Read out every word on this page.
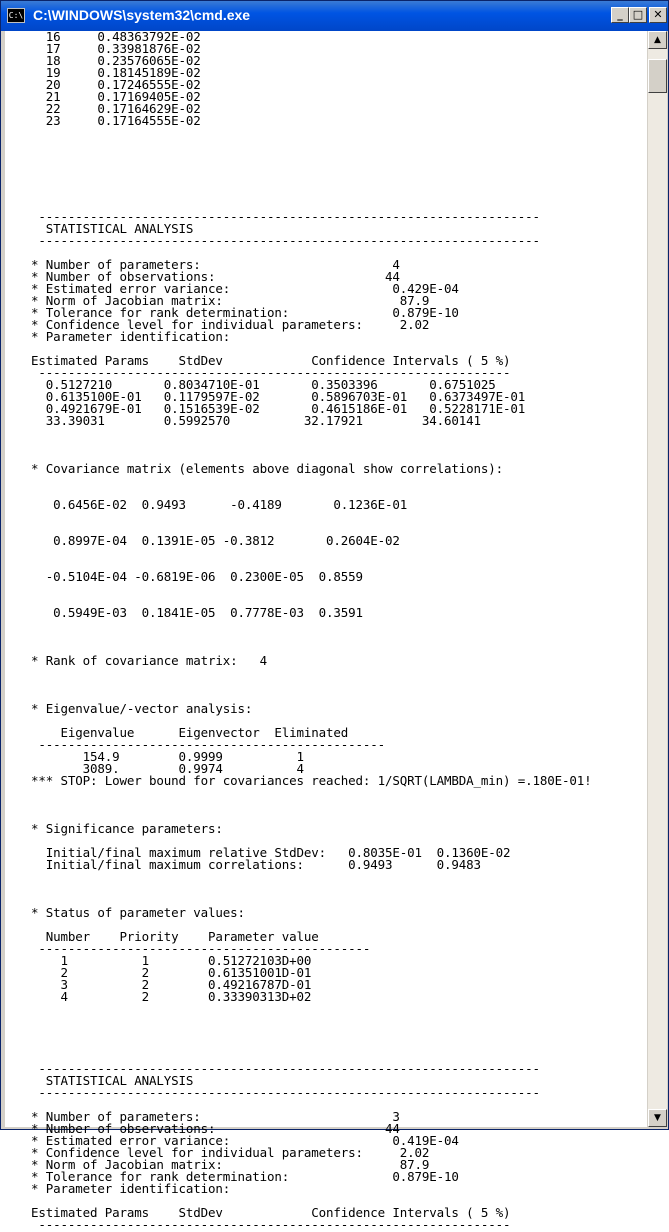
C:\ C:\WINDOWS\system32\cmd.exe	_ □ ✕
16     0.48363792E-02
17     0.33981876E-02
18     0.23576065E-02
19     0.18145189E-02
20     0.17246555E-02
21     0.17169405E-02
22     0.17164629E-02
23     0.17164555E-02

--------------------------------------------------------------------
STATISTICAL ANALYSIS
--------------------------------------------------------------------

* Number of parameters:                          4
* Number of observations:                       44
* Estimated error variance:                      0.429E-04
* Norm of Jacobian matrix:                        87.9
* Tolerance for rank determination:              0.879E-10
* Confidence level for individual parameters:     2.02
* Parameter identification:

Estimated Params    StdDev            Confidence Intervals ( 5 %)
----------------------------------------------------------------
0.5127210       0.8034710E-01       0.3503396       0.6751025
0.6135100E-01   0.1179597E-02       0.5896703E-01   0.6373497E-01
0.4921679E-01   0.1516539E-02       0.4615186E-01   0.5228171E-01
33.39031        0.5992570          32.17921        34.60141

* Covariance matrix (elements above diagonal show correlations):

0.6456E-02  0.9493      -0.4189       0.1236E-01

0.8997E-04  0.1391E-05 -0.3812       0.2604E-02

-0.5104E-04 -0.6819E-06  0.2300E-05  0.8559

0.5949E-03  0.1841E-05  0.7778E-03  0.3591

* Rank of covariance matrix:   4

* Eigenvalue/-vector analysis:

Eigenvalue      Eigenvector  Eliminated
-----------------------------------------------
154.9        0.9999          1
3089.        0.9974          4
*** STOP: Lower bound for covariances reached: 1/SQRT(LAMBDA_min) =.180E-01!

* Significance parameters:

Initial/final maximum relative StdDev:   0.8035E-01  0.1360E-02
Initial/final maximum correlations:      0.9493      0.9483

* Status of parameter values:

Number    Priority    Parameter value
---------------------------------------------
1          1        0.51272103D+00
2          2        0.61351001D-01
3          2        0.49216787D-01
4          2        0.33390313D+02

--------------------------------------------------------------------
STATISTICAL ANALYSIS
--------------------------------------------------------------------

* Number of parameters:                          3
* Number of observations:                       44
* Estimated error variance:                      0.419E-04
* Confidence level for individual parameters:     2.02
* Norm of Jacobian matrix:                        87.9
* Tolerance for rank determination:              0.879E-10
* Parameter identification:

Estimated Params    StdDev            Confidence Intervals ( 5 %)
----------------------------------------------------------------

▲
▼
